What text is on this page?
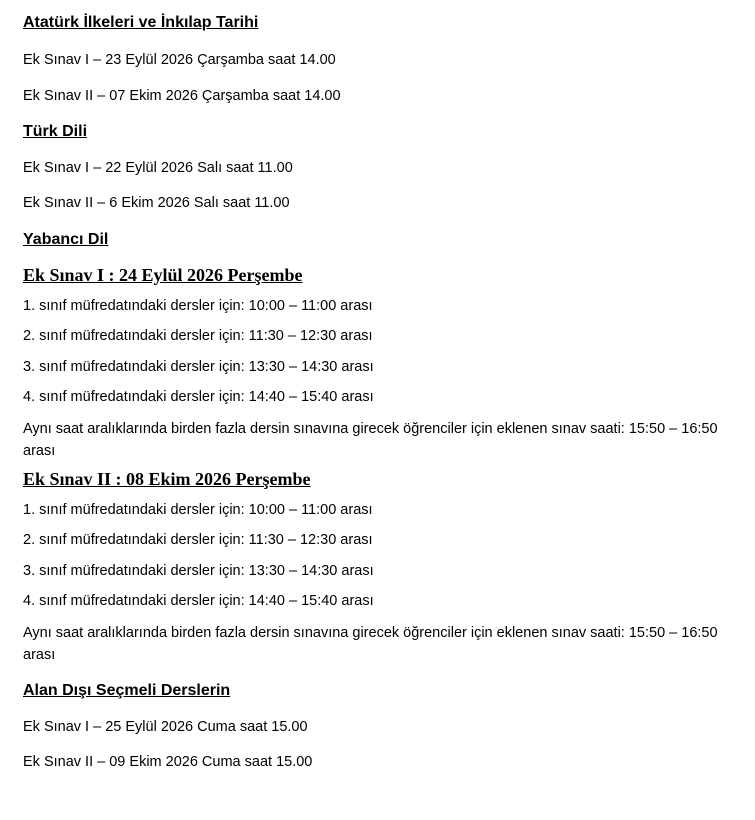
Atatürk İlkeleri ve İnkılap Tarihi
Ek Sınav I – 23 Eylül 2026 Çarşamba saat 14.00
Ek Sınav II – 07 Ekim 2026 Çarşamba saat 14.00
Türk Dili
Ek Sınav I – 22 Eylül 2026 Salı saat 11.00
Ek Sınav II – 6 Ekim 2026 Salı saat 11.00
Yabancı Dil
Ek Sınav I : 24 Eylül 2026 Perşembe
1. sınıf müfredatındaki dersler için: 10:00 – 11:00 arası
2. sınıf müfredatındaki dersler için: 11:30 – 12:30 arası
3. sınıf müfredatındaki dersler için: 13:30 – 14:30 arası
4. sınıf müfredatındaki dersler için: 14:40 – 15:40 arası
Aynı saat aralıklarında birden fazla dersin sınavına girecek öğrenciler için eklenen sınav saati: 15:50 – 16:50 arası
Ek Sınav II : 08 Ekim 2026 Perşembe
1. sınıf müfredatındaki dersler için: 10:00 – 11:00 arası
2. sınıf müfredatındaki dersler için: 11:30 – 12:30 arası
3. sınıf müfredatındaki dersler için: 13:30 – 14:30 arası
4. sınıf müfredatındaki dersler için: 14:40 – 15:40 arası
Aynı saat aralıklarında birden fazla dersin sınavına girecek öğrenciler için eklenen sınav saati: 15:50 – 16:50 arası
Alan Dışı Seçmeli Derslerin
Ek Sınav I – 25 Eylül 2026 Cuma saat 15.00
Ek Sınav II – 09 Ekim 2026 Cuma saat 15.00
